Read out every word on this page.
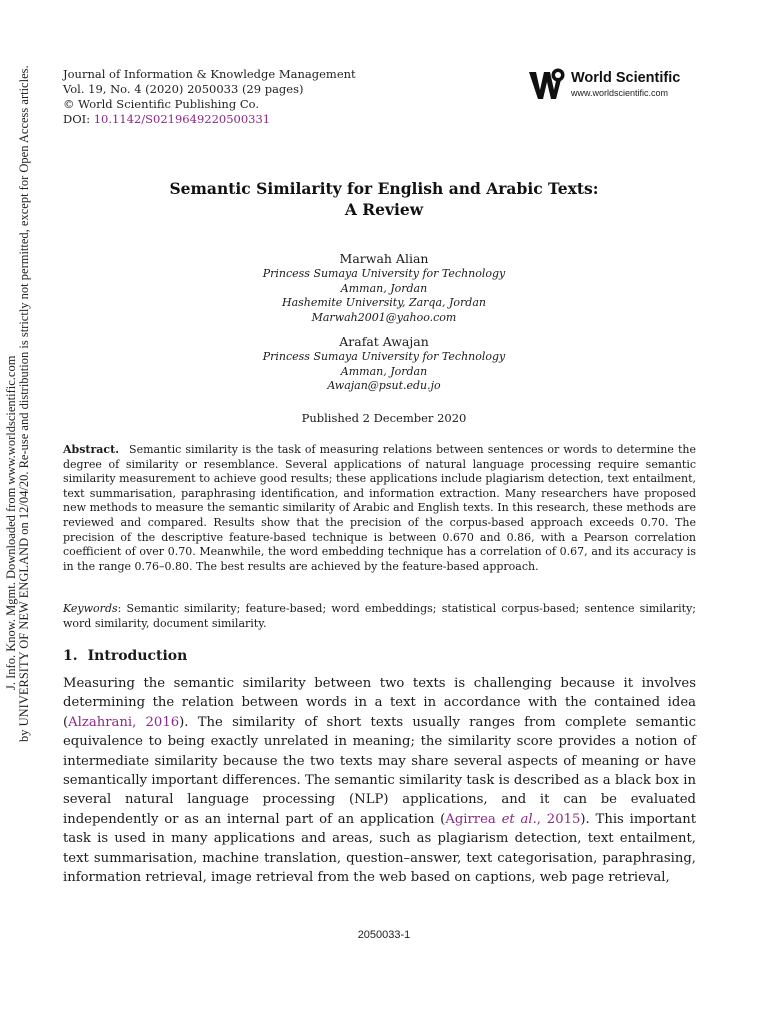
J. Info. Know. Mgmt. Downloaded from www.worldscientific.com by UNIVERSITY OF NEW ENGLAND on 12/04/20. Re-use and distribution is strictly not permitted, except for Open Access articles.	Journal of Information & Knowledge Management
Vol. 19, No. 4 (2020) 2050033 (29 pages)
© World Scientific Publishing Co.
DOI: 10.1142/S0219649220500331
World Scientific
www.worldscientific.com
Semantic Similarity for English and Arabic Texts:
A Review
Marwah Alian
Princess Sumaya University for Technology
Amman, Jordan
Hashemite University, Zarqa, Jordan
Marwah2001@yahoo.com
Arafat Awajan
Princess Sumaya University for Technology
Amman, Jordan
Awajan@psut.edu.jo
Published 2 December 2020
Abstract. Semantic similarity is the task of measuring relations between sentences or words to determine the degree of similarity or resemblance. Several applications of natural language processing require semantic similarity measurement to achieve good results; these applications include plagiarism detection, text entailment, text summarisation, paraphrasing identification, and information extraction. Many researchers have proposed new methods to measure the semantic similarity of Arabic and English texts. In this research, these methods are reviewed and compared. Results show that the precision of the corpus-based approach exceeds 0.70. The precision of the descriptive feature-based technique is between 0.670 and 0.86, with a Pearson correlation coefficient of over 0.70. Meanwhile, the word embedding technique has a correlation of 0.67, and its accuracy is in the range 0.76–0.80. The best results are achieved by the feature-based approach.
Keywords: Semantic similarity; feature-based; word embeddings; statistical corpus-based; sentence similarity; word similarity, document similarity.
1. Introduction
Measuring the semantic similarity between two texts is challenging because it involves determining the relation between words in a text in accordance with the contained idea (Alzahrani, 2016). The similarity of short texts usually ranges from complete semantic equivalence to being exactly unrelated in meaning; the similarity score provides a notion of intermediate similarity because the two texts may share several aspects of meaning or have semantically important differences. The semantic similarity task is described as a black box in several natural language processing (NLP) applications, and it can be evaluated independently or as an internal part of an application (Agirrea et al., 2015). This important task is used in many applications and areas, such as plagiarism detection, text entailment, text summarisation, machine translation, question–answer, text categorisation, paraphrasing, information retrieval, image retrieval from the web based on captions, web page retrieval,
2050033-1
